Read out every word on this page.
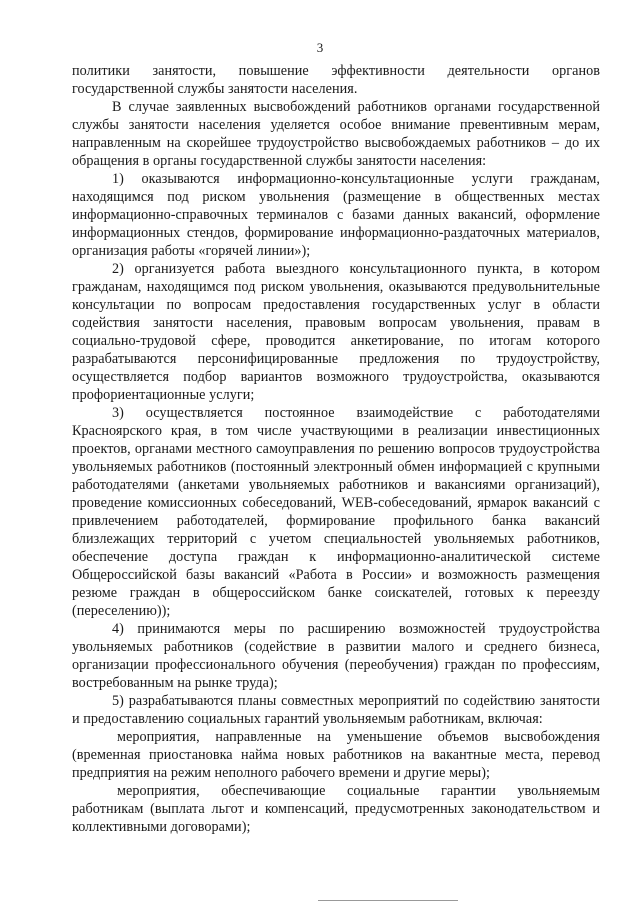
3

политики занятости, повышение эффективности деятельности органов государственной службы занятости населения.

В случае заявленных высвобождений работников органами государственной службы занятости населения уделяется особое внимание превентивным мерам, направленным на скорейшее трудоустройство высвобождаемых работников – до их обращения в органы государственной службы занятости населения:

1) оказываются информационно-консультационные услуги гражданам, находящимся под риском увольнения (размещение в общественных местах информационно-справочных терминалов с базами данных вакансий, оформление информационных стендов, формирование информационно-раздаточных материалов, организация работы «горячей линии»);

2) организуется работа выездного консультационного пункта, в котором гражданам, находящимся под риском увольнения, оказываются предувольнительные консультации по вопросам предоставления государственных услуг в области содействия занятости населения, правовым вопросам увольнения, правам в социально-трудовой сфере, проводится анкетирование, по итогам которого разрабатываются персонифицированные предложения по трудоустройству, осуществляется подбор вариантов возможного трудоустройства, оказываются профориентационные услуги;

3) осуществляется постоянное взаимодействие с работодателями Красноярского края, в том числе участвующими в реализации инвестиционных проектов, органами местного самоуправления по решению вопросов трудоустройства увольняемых работников (постоянный электронный обмен информацией с крупными работодателями (анкетами увольняемых работников и вакансиями организаций), проведение комиссионных собеседований, WEB-собеседований, ярмарок вакансий с привлечением работодателей, формирование профильного банка вакансий близлежащих территорий с учетом специальностей увольняемых работников, обеспечение доступа граждан к информационно-аналитической системе Общероссийской базы вакансий «Работа в России» и возможность размещения резюме граждан в общероссийском банке соискателей, готовых к переезду (переселению));

4) принимаются меры по расширению возможностей трудоустройства увольняемых работников (содействие в развитии малого и среднего бизнеса, организации профессионального обучения (переобучения) граждан по профессиям, востребованным на рынке труда);

5) разрабатываются планы совместных мероприятий по содействию занятости и предоставлению социальных гарантий увольняемым работникам, включая:

мероприятия, направленные на уменьшение объемов высвобождения (временная приостановка найма новых работников на вакантные места, перевод предприятия на режим неполного рабочего времени и другие меры);

мероприятия, обеспечивающие социальные гарантии увольняемым работникам (выплата льгот и компенсаций, предусмотренных законодательством и коллективными договорами);
